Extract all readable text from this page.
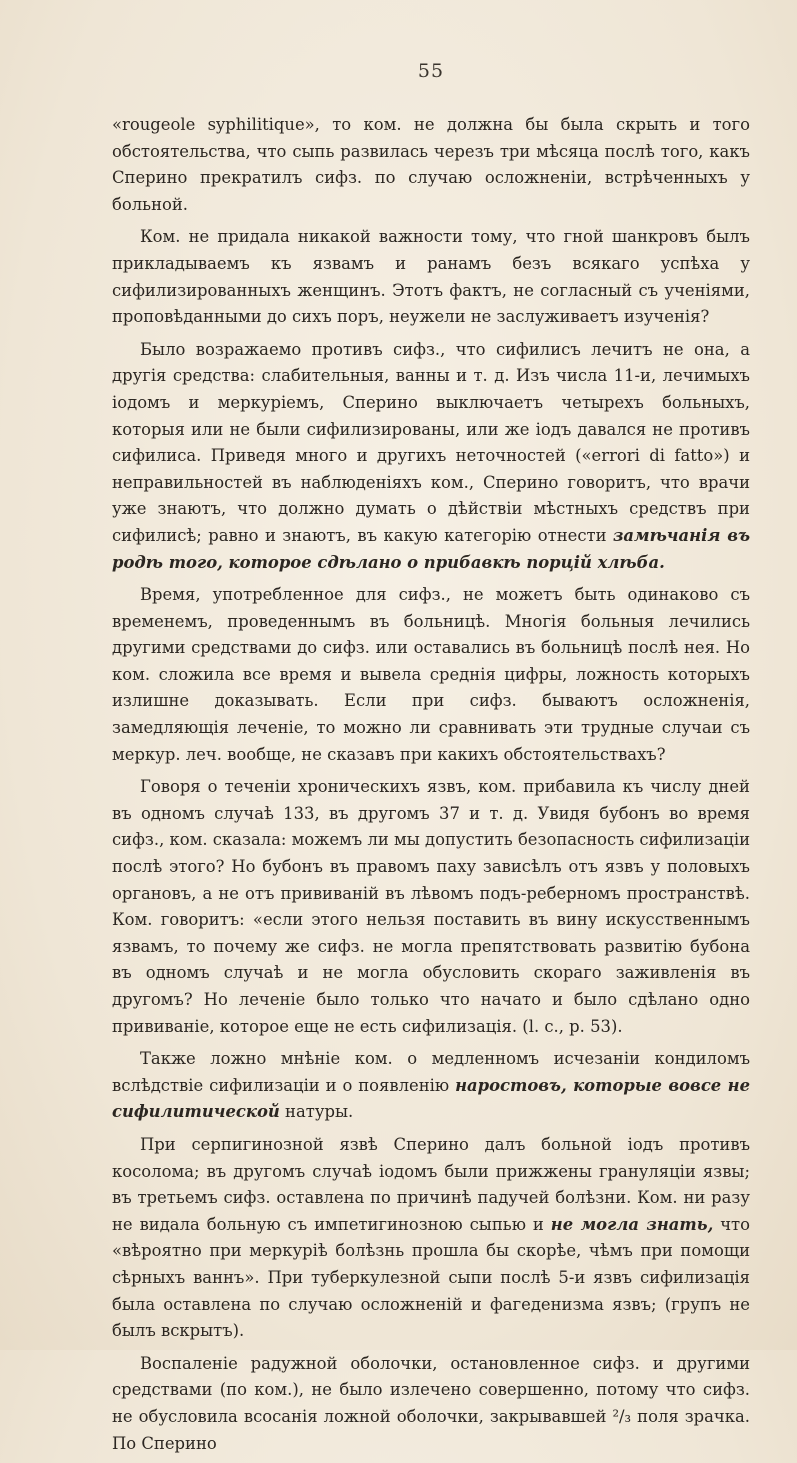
55

«rougeole syphilitique», то ком. не должна бы была скрыть и того обстоятельства, что сыпь развилась черезъ три мѣсяца послѣ того, какъ Сперино прекратилъ сифз. по случаю осложненiи, встрѣченныхъ у больной.

Ком. не придала никакой важности тому, что гной шанкровъ былъ прикладываемъ къ язвамъ и ранамъ безъ всякаго успѣха у сифилизированныхъ женщинъ. Этотъ фактъ, не согласный съ ученiями, проповѣданными до сихъ поръ, неужели не заслуживаетъ изученiя?

Было возражаемо противъ сифз., что сифилисъ лечитъ не она, а другiя средства: слабительныя, ванны и т. д. Изъ числа 11-и, лечимыхъ iодомъ и меркурiемъ, Сперино выключаетъ четырехъ больныхъ, которыя или не были сифилизированы, или же iодъ давался не противъ сифилиса. Приведя много и другихъ неточностей («errori di fatto») и неправильностей въ наблюденiяхъ ком., Сперино говоритъ, что врачи уже знаютъ, что должно думать о дѣйствiи мѣстныхъ средствъ при сифилисѣ; равно и знаютъ, въ какую категорiю отнести замѣчанiя въ родѣ того, которое сдѣлано о прибавкѣ порцiй хлѣба.

Время, употребленное для сифз., не можетъ быть одинаково съ временемъ, проведеннымъ въ больницѣ. Многiя больныя лечились другими средствами до сифз. или оставались въ больницѣ послѣ нея. Но ком. сложила все время и вывела среднiя цифры, ложность которыхъ излишне доказывать. Если при сифз. бываютъ осложненiя, замедляющiя леченiе, то можно ли сравнивать эти трудные случаи съ меркур. леч. вообще, не сказавъ при какихъ обстоятельствахъ?

Говоря о теченiи хроническихъ язвъ, ком. прибавила къ числу дней въ одномъ случаѣ 133, въ другомъ 37 и т. д. Увидя бубонъ во время сифз., ком. сказала: можемъ ли мы допустить безопасность сифилизацiи послѣ этого? Но бубонъ въ правомъ паху зависѣлъ отъ язвъ у половыхъ органовъ, а не отъ прививанiй въ лѣвомъ подъ-реберномъ пространствѣ. Ком. говоритъ: «если этого нельзя поставить въ вину искусственнымъ язвамъ, то почему же сифз. не могла препятствовать развитiю бубона въ одномъ случаѣ и не могла обусловить скораго заживленiя въ другомъ? Но леченiе было только что начато и было сдѣлано одно прививанiе, которое еще не есть сифилизацiя. (l. c., p. 53).

Также ложно мнѣнiе ком. о медленномъ исчезанiи кондиломъ вслѣдствiе сифилизацiи и о появленiю наростовъ, которые вовсе не сифилитической натуры.

При серпигинозной язвѣ Сперино далъ больной iодъ противъ косоломa; въ другомъ случаѣ iодомъ были прижжены грануляцiи язвы; въ третьемъ сифз. оставлена по причинѣ падучей болѣзни. Ком. ни разу не видала больную съ импетигинозною сыпью и не могла знать, что «вѣроятно при меркурiѣ болѣзнь прошла бы скорѣе, чѣмъ при помощи сѣрныхъ ваннъ». При туберкулезной сыпи послѣ 5-и язвъ сифилизацiя была оставлена по случаю осложненiй и фагеденизма язвъ; (групъ не былъ вскрытъ).

Воспаленiе радужной оболочки, остановленное сифз. и другими средствами (по ком.), не было излечено совершенно, потому что сифз. не обусловила всосанiя ложной оболочки, закрывавшей ²/₃ поля зрачка. По Сперино
